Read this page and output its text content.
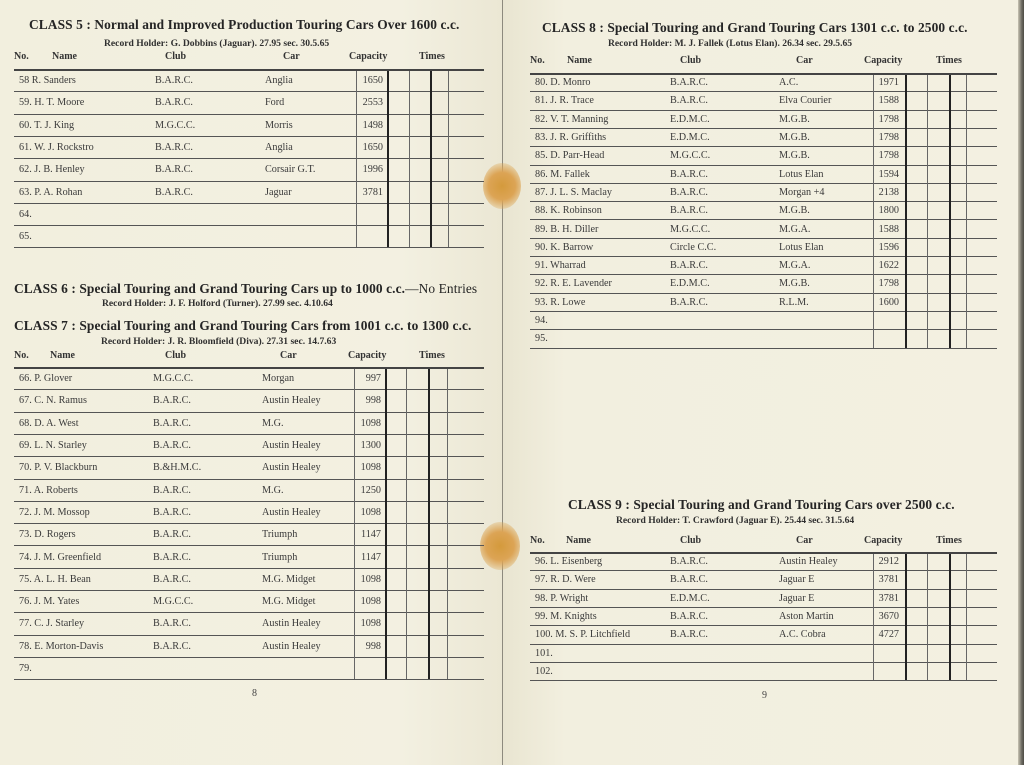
CLASS 5 : Normal and Improved Production Touring Cars Over 1600 c.c.
Record Holder: G. Dobbins (Jaguar). 27.95 sec. 30.5.65
No. Name	Club	Car	Capacity	Times
58 R. Sanders	B.A.R.C.	Anglia	1650
59. H. T. Moore	B.A.R.C.	Ford	2553
60. T. J. King	M.G.C.C.	Morris	1498
61. W. J. Rockstro	B.A.R.C.	Anglia	1650
62. J. B. Henley	B.A.R.C.	Corsair G.T.	1996
63. P. A. Rohan	B.A.R.C.	Jaguar	3781
64.
65.
CLASS 6 : Special Touring and Grand Touring Cars up to 1000 c.c.—No Entries
Record Holder: J. F. Holford (Turner). 27.99 sec. 4.10.64
CLASS 7 : Special Touring and Grand Touring Cars from 1001 c.c. to 1300 c.c.
Record Holder: J. R. Bloomfield (Diva). 27.31 sec. 14.7.63
No. Name	Club	Car	Capacity	Times
66. P. Glover	M.G.C.C.	Morgan	997
67. C. N. Ramus	B.A.R.C.	Austin Healey	998
68. D. A. West	B.A.R.C.	M.G.	1098
69. L. N. Starley	B.A.R.C.	Austin Healey	1300
70. P. V. Blackburn	B.&H.M.C.	Austin Healey	1098
71. A. Roberts	B.A.R.C.	M.G.	1250
72. J. M. Mossop	B.A.R.C.	Austin Healey	1098
73. D. Rogers	B.A.R.C.	Triumph	1147
74. J. M. Greenfield	B.A.R.C.	Triumph	1147
75. A. L. H. Bean	B.A.R.C.	M.G. Midget	1098
76. J. M. Yates	M.G.C.C.	M.G. Midget	1098
77. C. J. Starley	B.A.R.C.	Austin Healey	1098
78. E. Morton-Davis	B.A.R.C.	Austin Healey	998
79.
8
CLASS 8 : Special Touring and Grand Touring Cars 1301 c.c. to 2500 c.c.
Record Holder: M. J. Fallek (Lotus Elan). 26.34 sec. 29.5.65
No. Name	Club	Car	Capacity	Times
80. D. Monro	B.A.R.C.	A.C.	1971
81. J. R. Trace	B.A.R.C.	Elva Courier	1588
82. V. T. Manning	E.D.M.C.	M.G.B.	1798
83. J. R. Griffiths	E.D.M.C.	M.G.B.	1798
85. D. Parr-Head	M.G.C.C.	M.G.B.	1798
86. M. Fallek	B.A.R.C.	Lotus Elan	1594
87. J. L. S. Maclay	B.A.R.C.	Morgan +4	2138
88. K. Robinson	B.A.R.C.	M.G.B.	1800
89. B. H. Diller	M.G.C.C.	M.G.A.	1588
90. K. Barrow	Circle C.C.	Lotus Elan	1596
91. Wharrad	B.A.R.C.	M.G.A.	1622
92. R. E. Lavender	E.D.M.C.	M.G.B.	1798
93. R. Lowe	B.A.R.C.	R.L.M.	1600
94.
95.
CLASS 9 : Special Touring and Grand Touring Cars over 2500 c.c.
Record Holder: T. Crawford (Jaguar E). 25.44 sec. 31.5.64
No. Name	Club	Car	Capacity	Times
96. L. Eisenberg	B.A.R.C.	Austin Healey	2912
97. R. D. Were	B.A.R.C.	Jaguar E	3781
98. P. Wright	E.D.M.C.	Jaguar E	3781
99. M. Knights	B.A.R.C.	Aston Martin	3670
100. M. S. P. Litchfield	B.A.R.C.	A.C. Cobra	4727
101.
102.
9
